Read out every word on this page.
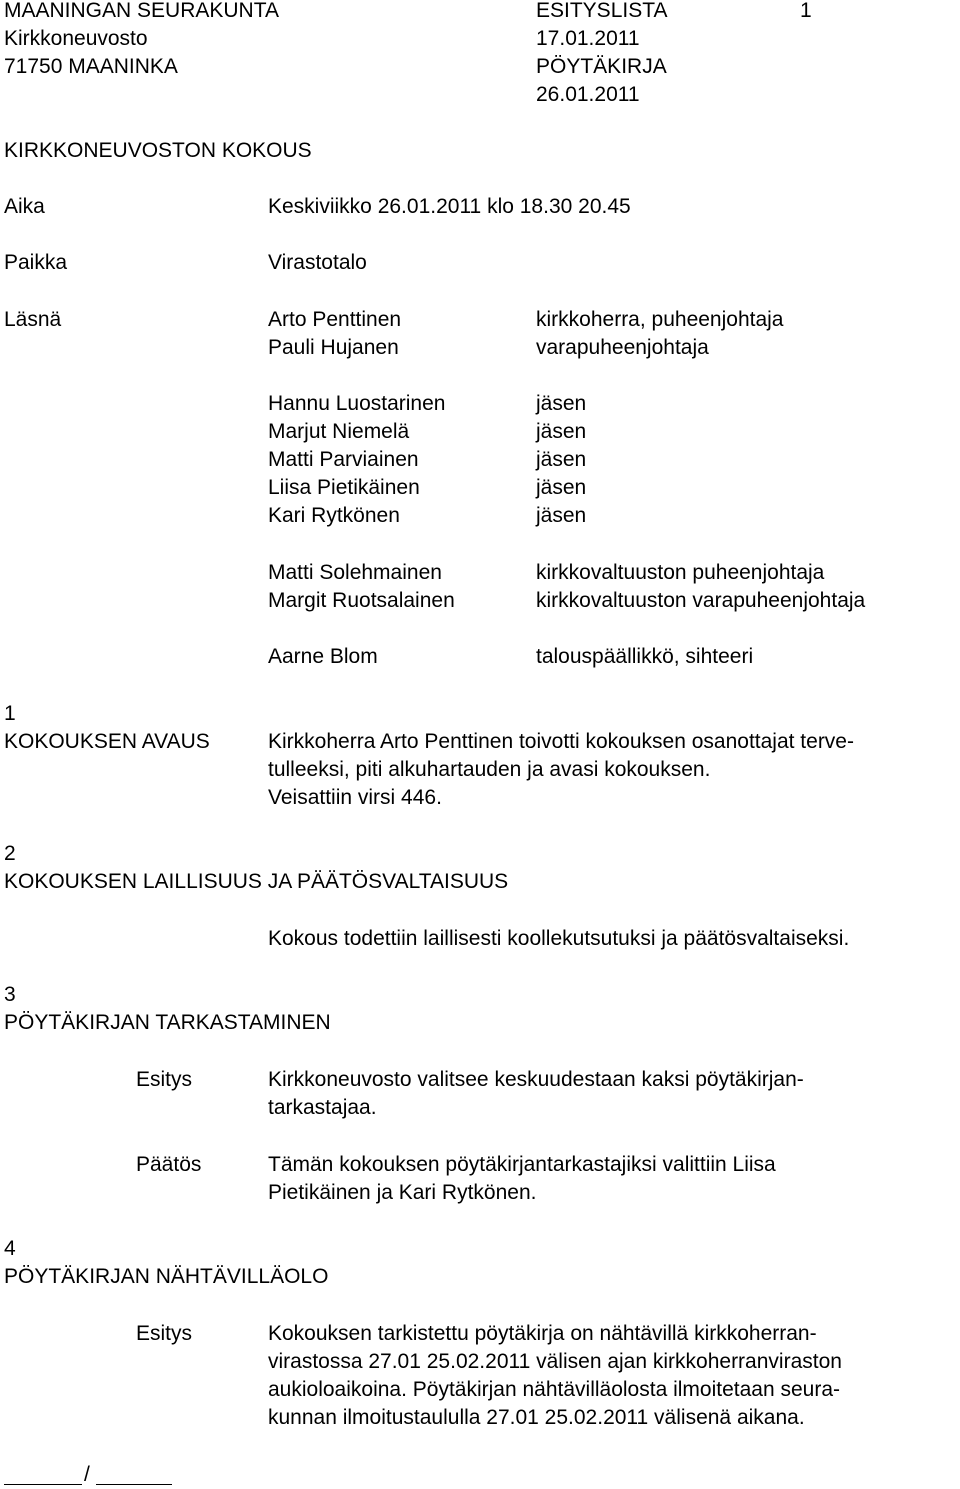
MAANINGAN SEURAKUNTA
Kirkkoneuvosto
71750 MAANINKA
ESITYSLISTA
17.01.2011
PÖYTÄKIRJA
26.01.2011
1
KIRKKONEUVOSTON KOKOUS
Aika	Keskiviikko 26.01.2011 klo 18.30 20.45
Paikka	Virastotalo
Läsnä	Arto Penttinen	kirkkoherra, puheenjohtaja
Pauli Hujanen	varapuheenjohtaja
Hannu Luostarinen	jäsen
Marjut Niemelä	jäsen
Matti Parviainen	jäsen
Liisa Pietikäinen	jäsen
Kari Rytkönen	jäsen
Matti Solehmainen	kirkkovaltuuston puheenjohtaja
Margit Ruotsalainen	kirkkovaltuuston varapuheenjohtaja
Aarne Blom	talouspäällikkö, sihteeri
1
KOKOUKSEN AVAUS	Kirkkoherra Arto Penttinen toivotti kokouksen osanottajat terve-
tulleeksi, piti alkuhartauden ja avasi kokouksen.
Veisattiin virsi 446.
2
KOKOUKSEN LAILLISUUS JA PÄÄTÖSVALTAISUUS
Kokous todettiin laillisesti koollekutsutuksi ja päätösvaltaiseksi.
3
PÖYTÄKIRJAN TARKASTAMINEN
Esitys	Kirkkoneuvosto valitsee keskuudestaan kaksi pöytäkirjan-
tarkastajaa.
Päätös	Tämän kokouksen pöytäkirjantarkastajiksi valittiin Liisa
Pietikäinen ja Kari Rytkönen.
4
PÖYTÄKIRJAN NÄHTÄVILLÄOLO
Esitys	Kokouksen tarkistettu pöytäkirja on nähtävillä kirkkoherran-
virastossa 27.01 25.02.2011 välisen ajan kirkkoherranviraston
aukioloaikoina. Pöytäkirjan nähtävilläolosta ilmoitetaan seura-
kunnan ilmoitustaululla 27.01 25.02.2011 välisenä aikana.
/
